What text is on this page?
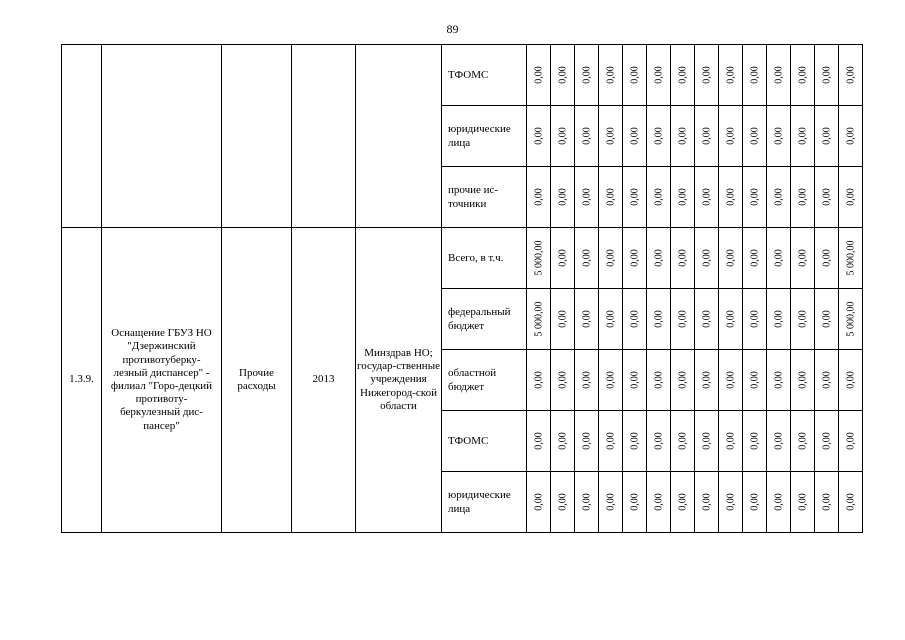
89
					ТФОМС	0,00	0,00	0,00	0,00	0,00	0,00	0,00	0,00	0,00	0,00	0,00	0,00	0,00	0,00

					юридические лица	0,00	0,00	0,00	0,00	0,00	0,00	0,00	0,00	0,00	0,00	0,00	0,00	0,00	0,00

					прочие ис-точники	0,00	0,00	0,00	0,00	0,00	0,00	0,00	0,00	0,00	0,00	0,00	0,00	0,00	0,00

1.3.9.	Оснащение ГБУЗ НО "Дзержинский противотуберку-лезный диспансер" - филиал "Горо-децкий противоту-беркулезный дис-пансер"	Прочие расходы	2013	Минздрав НО; государ-ственные учреждения Нижегород-ской области	Всего, в т.ч.	5 000,00	0,00	0,00	0,00	0,00	0,00	0,00	0,00	0,00	0,00	0,00	0,00	0,00	5 000,00

					федеральный бюджет	5 000,00	0,00	0,00	0,00	0,00	0,00	0,00	0,00	0,00	0,00	0,00	0,00	0,00	5 000,00

					областной бюджет	0,00	0,00	0,00	0,00	0,00	0,00	0,00	0,00	0,00	0,00	0,00	0,00	0,00	0,00

					ТФОМС	0,00	0,00	0,00	0,00	0,00	0,00	0,00	0,00	0,00	0,00	0,00	0,00	0,00	0,00

					юридические лица	0,00	0,00	0,00	0,00	0,00	0,00	0,00	0,00	0,00	0,00	0,00	0,00	0,00	0,00
